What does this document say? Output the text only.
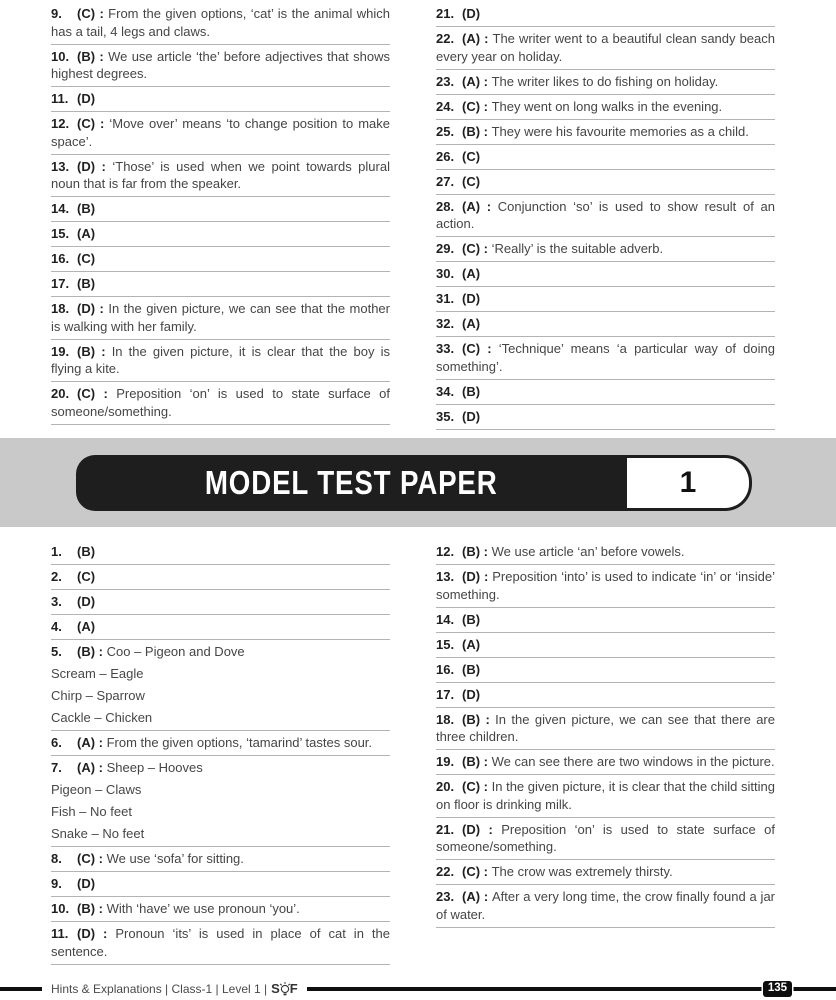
9. (C) : From the given options, ‘cat’ is the animal which has a tail, 4 legs and claws.
10. (B) : We use article ‘the’ before adjectives that shows highest degrees.
11. (D)
12. (C) : ‘Move over’ means ‘to change position to make space’.
13. (D) : ‘Those’ is used when we point towards plural noun that is far from the speaker.
14. (B)
15. (A)
16. (C)
17. (B)
18. (D) : In the given picture, we can see that the mother is walking with her family.
19. (B) : In the given picture, it is clear that the boy is flying a kite.
20. (C) : Preposition ‘on’ is used to state surface of someone/something.
21. (D)
22. (A) : The writer went to a beautiful clean sandy beach every year on holiday.
23. (A) : The writer likes to do fishing on holiday.
24. (C) : They went on long walks in the evening.
25. (B) : They were his favourite memories as a child.
26. (C)
27. (C)
28. (A) : Conjunction ‘so’ is used to show result of an action.
29. (C) : ‘Really’ is the suitable adverb.
30. (A)
31. (D)
32. (A)
33. (C) : ‘Technique’ means ‘a particular way of doing something’.
34. (B)
35. (D)
MODEL TEST PAPER	1
1. (B)
2. (C)
3. (D)
4. (A)
5. (B) : Coo – Pigeon and Dove
Scream – Eagle
Chirp – Sparrow
Cackle – Chicken
6. (A) : From the given options, ‘tamarind’ tastes sour.
7. (A) : Sheep – Hooves
Pigeon – Claws
Fish – No feet
Snake – No feet
8. (C) : We use ‘sofa’ for sitting.
9. (D)
10. (B) : With ‘have’ we use pronoun ‘you’.
11. (D) : Pronoun ‘its’ is used in place of cat in the sentence.
12. (B) : We use article ‘an’ before vowels.
13. (D) : Preposition ‘into’ is used to indicate ‘in’ or ‘inside’ something.
14. (B)
15. (A)
16. (B)
17. (D)
18. (B) : In the given picture, we can see that there are three children.
19. (B) : We can see there are two windows in the picture.
20. (C) : In the given picture, it is clear that the child sitting on floor is drinking milk.
21. (D) : Preposition ‘on’ is used to state surface of someone/something.
22. (C) : The crow was extremely thirsty.
23. (A) : After a very long time, the crow finally found a jar of water.
Hints & Explanations | Class-1 | Level 1 | S F	135
